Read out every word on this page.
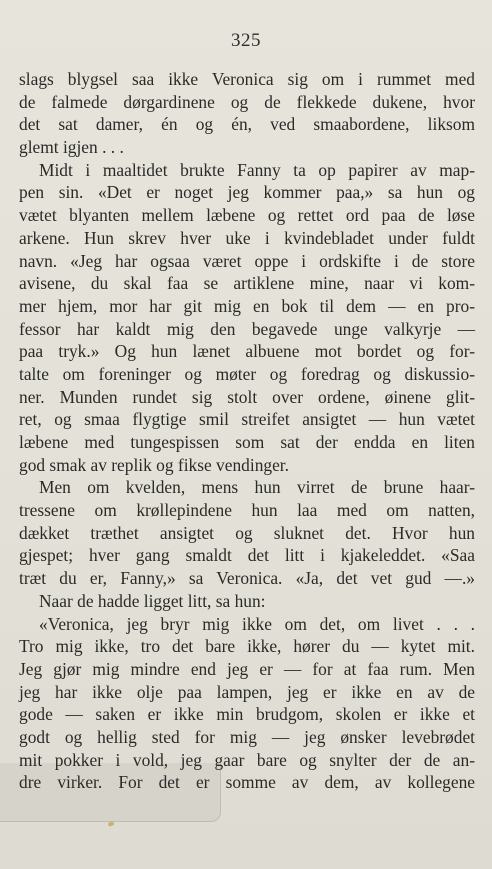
325
slags blygsel saa ikke Veronica sig om i rummet med
de falmede dørgardinene og de flekkede dukene, hvor
det sat damer, én og én, ved smaabordene, liksom
glemt igjen . . .
Midt i maaltidet brukte Fanny ta op papirer av map-
pen sin. «Det er noget jeg kommer paa,» sa hun og
vætet blyanten mellem læbene og rettet ord paa de løse
arkene. Hun skrev hver uke i kvindebladet under fuldt
navn. «Jeg har ogsaa været oppe i ordskifte i de store
avisene, du skal faa se artiklene mine, naar vi kom-
mer hjem, mor har git mig en bok til dem — en pro-
fessor har kaldt mig den begavede unge valkyrje —
paa tryk.» Og hun lænet albuene mot bordet og for-
talte om foreninger og møter og foredrag og diskussio-
ner. Munden rundet sig stolt over ordene, øinene glit-
ret, og smaa flygtige smil streifet ansigtet — hun vætet
læbene med tungespissen som sat der endda en liten
god smak av replik og fikse vendinger.
Men om kvelden, mens hun virret de brune haar-
tressene om krøllepindene hun laa med om natten,
dækket træthet ansigtet og sluknet det. Hvor hun
gjespet; hver gang smaldt det litt i kjakeleddet. «Saa
træt du er, Fanny,» sa Veronica. «Ja, det vet gud —.»
Naar de hadde ligget litt, sa hun:
«Veronica, jeg bryr mig ikke om det, om livet . . .
Tro mig ikke, tro det bare ikke, hører du — kytet mit.
Jeg gjør mig mindre end jeg er — for at faa rum. Men
jeg har ikke olje paa lampen, jeg er ikke en av de
gode — saken er ikke min brudgom, skolen er ikke et
godt og hellig sted for mig — jeg ønsker levebrødet
mit pokker i vold, jeg gaar bare og snylter der de an-
dre virker. For det er somme av dem, av kollegene
